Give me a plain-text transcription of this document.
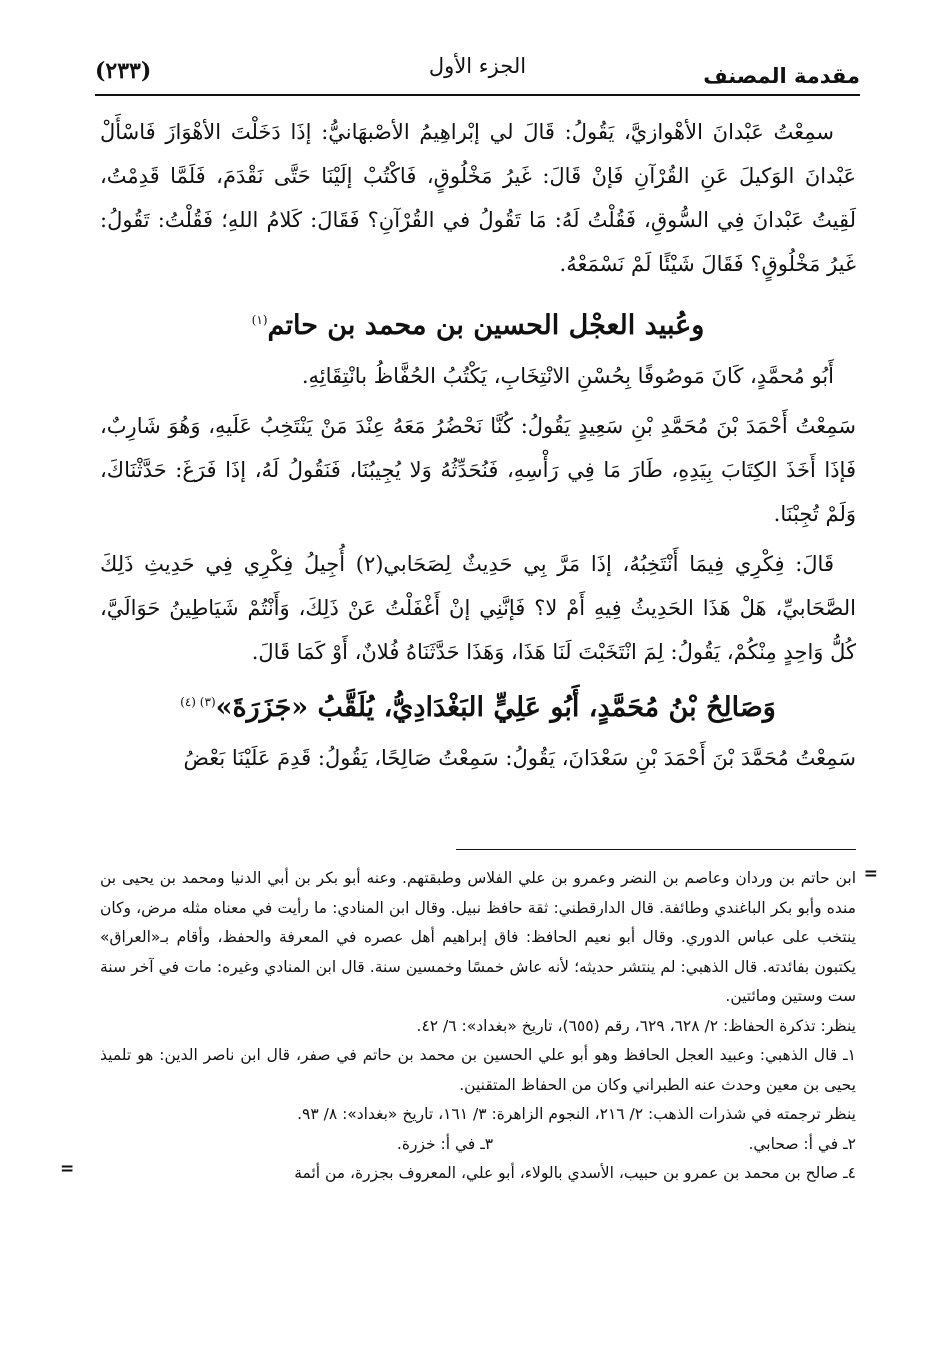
مقدمة المصنف
الجزء الأول
(٢٣٣)

سمِعْتُ عَبْدانَ الأهْوازيَّ، يَقُولُ: قَالَ لي إبْراهِيمُ الأصْبهَانيُّ: إذَا دَخَلْتَ الأهْوَازَ فَاسْأَلْ عَبْدانَ الوَكيلَ عَنِ القُرْآنِ فَإنْ قَالَ: غَيرُ مَخْلُوقٍ، فَاكْتُبْ إلَيْنَا حَتَّى نَقْدَمَ، فَلَمَّا قَدِمْتُ، لَقِيتُ عَبْدانَ فِي السُّوقِ، فَقُلْتُ لَهُ: مَا تَقُولُ في القُرْآنِ؟ فَقَالَ: كَلامُ اللهِ؛ فَقُلْتُ: تَقُولُ: غَيرُ مَخْلُوقٍ؟ فَقَالَ شَيْئًا لَمْ نَسْمَعْهُ.

وعُبيد العجْل الحسين بن محمد بن حاتم$^{(١)}$

أَبُو مُحمَّدٍ، كَانَ مَوصُوفًا بِحُسْنِ الانْتِخَابِ، يَكْتُبُ الحُفَّاظُ بانْتِقَائِهِ.

سَمِعْتُ أَحْمَدَ بْنَ مُحَمَّدِ بْنِ سَعِيدٍ يَقُولُ: كُنَّا نَحْضُرُ مَعَهُ عِنْدَ مَنْ يَنْتَخِبُ عَلَيهِ، وَهُوَ شَارِبٌ، فَإذَا أَخَذَ الكِتَابَ بِيَدِهِ، طَارَ مَا فِي رَأْسِهِ، فَنُحَدِّثُهُ وَلا يُجِيبُنَا، فَنَقُولُ لَهُ، إذَا فَرَغَ: حَدَّثْنَاكَ، وَلَمْ تُجِبْنَا.

قَالَ: فِكْرِي فِيمَا أَنْتَخِبُهُ، إذَا مَرَّ بِي حَدِيثٌ لِصَحَابي(٢) أُجِيلُ فِكْرِي فِي حَدِيثِ ذَلِكَ الصَّحَابيِّ، هَلْ هَذَا الحَدِيثُ فِيهِ أَمْ لا؟ فَإنَّنِي إنْ أَغْفَلْتُ عَنْ ذَلِكَ، وَأَنْتُمْ شَيَاطِينُ حَوَالَيَّ، كُلُّ وَاحِدٍ مِنْكُمْ، يَقُولُ: لِمَ انْتَخَبْتَ لَنَا هَذَا، وَهَذَا حَدَّثَنَاهُ فُلانٌ، أَوْ كَمَا قَالَ.

وَصَالِحُ بْنُ مُحَمَّدٍ، أَبُو عَلِيٍّ البَغْدَادِيُّ، يُلَقَّبُ «جَزَرَةَ»$^{(٣) (٤)}$

سَمِعْتُ مُحَمَّدَ بْنَ أَحْمَدَ بْنِ سَعْدَانَ، يَقُولُ: سَمِعْتُ صَالِحًا، يَقُولُ: قَدِمَ عَلَيْنَا بَعْضُ

=

ابن حاتم بن وردان وعاصم بن النضر وعمرو بن علي الفلاس وطبقتهم. وعنه أبو بكر بن أبي الدنيا ومحمد بن يحيى بن منده وأبو بكر الباغندي وطائفة. قال الدارقطني: ثقة حافظ نبيل. وقال ابن المنادي: ما رأيت في معناه مثله مرض، وكان ينتخب على عباس الدوري. وقال أبو نعيم الحافظ: فاق إبراهيم أهل عصره في المعرفة والحفظ، وأقام بـ«العراق» يكتبون بفائدته. قال الذهبي: لم ينتشر حديثه؛ لأنه عاش خمسًا وخمسين سنة. قال ابن المنادي وغيره: مات في آخر سنة ست وستين ومائتين.

ينظر: تذكرة الحفاظ: ٢/ ٦٢٨، ٦٢٩، رقم (٦٥٥)، تاريخ «بغداد»: ٦/ ٤٢.

١ـ قال الذهبي: وعبيد العجل الحافظ وهو أبو علي الحسين بن محمد بن حاتم في صفر، قال ابن ناصر الدين: هو تلميذ يحيى بن معين وحدث عنه الطبراني وكان من الحفاظ المتقنين.

ينظر ترجمته في شذرات الذهب: ٢/ ٢١٦، النجوم الزاهرة: ٣/ ١٦١، تاريخ «بغداد»: ٨/ ٩٣.

٢ـ في أ: صحابي.
٣ـ في أ: خزرة.

٤ـ صالح بن محمد بن عمرو بن حبيب، الأسدي بالولاء، أبو علي، المعروف بجزرة، من أئمة

=
